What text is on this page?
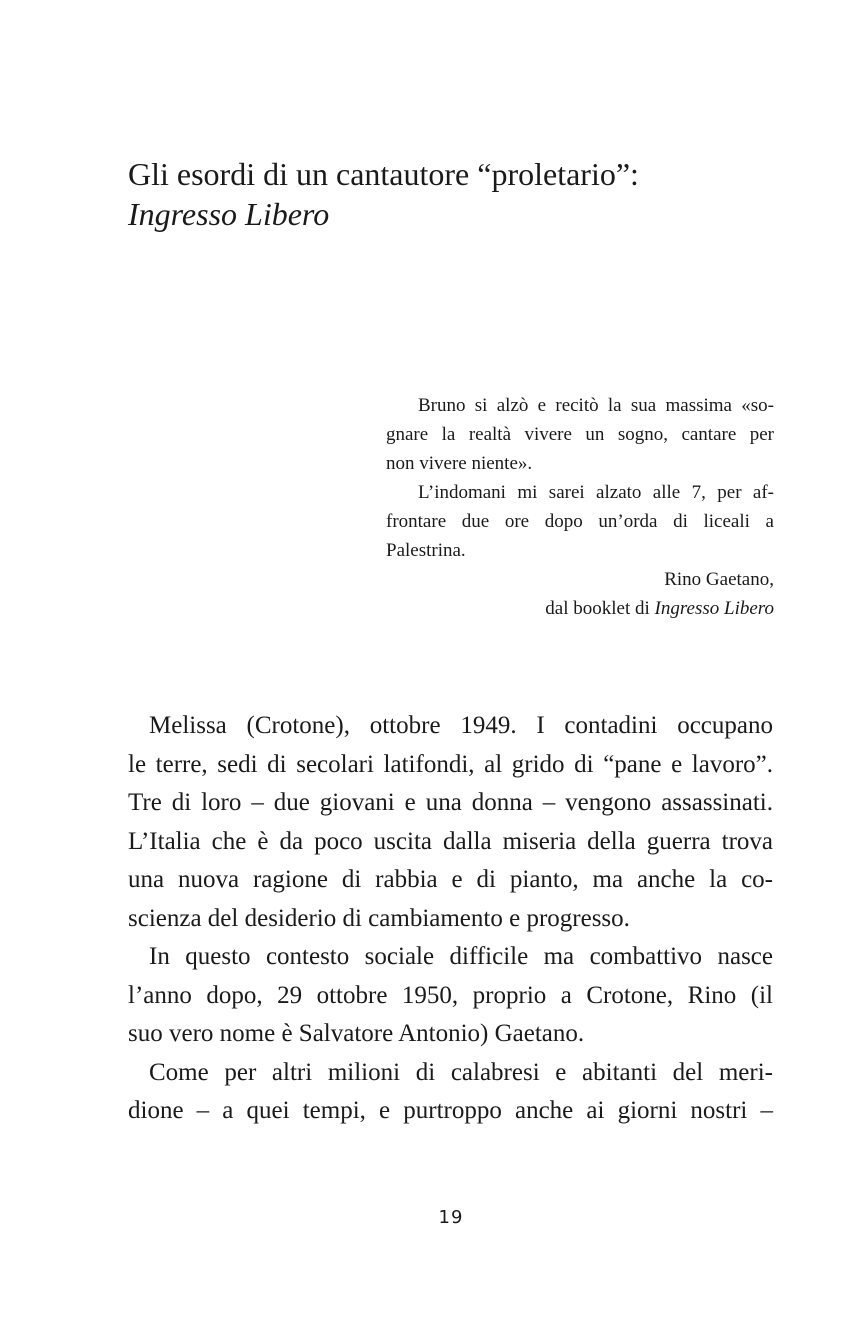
Gli esordi di un cantautore “proletario”:
Ingresso Libero
Bruno si alzò e recitò la sua massima «so-
gnare la realtà vivere un sogno, cantare per
non vivere niente».
L’indomani mi sarei alzato alle 7, per af-
frontare due ore dopo un’orda di liceali a
Palestrina.
Rino Gaetano,
dal booklet di Ingresso Libero
Melissa (Crotone), ottobre 1949. I contadini occupano
le terre, sedi di secolari latifondi, al grido di “pane e lavoro”.
Tre di loro – due giovani e una donna – vengono assassinati.
L’Italia che è da poco uscita dalla miseria della guerra trova
una nuova ragione di rabbia e di pianto, ma anche la co-
scienza del desiderio di cambiamento e progresso.
In questo contesto sociale difficile ma combattivo nasce
l’anno dopo, 29 ottobre 1950, proprio a Crotone, Rino (il
suo vero nome è Salvatore Antonio) Gaetano.
Come per altri milioni di calabresi e abitanti del meri-
dione – a quei tempi, e purtroppo anche ai giorni nostri –
19
